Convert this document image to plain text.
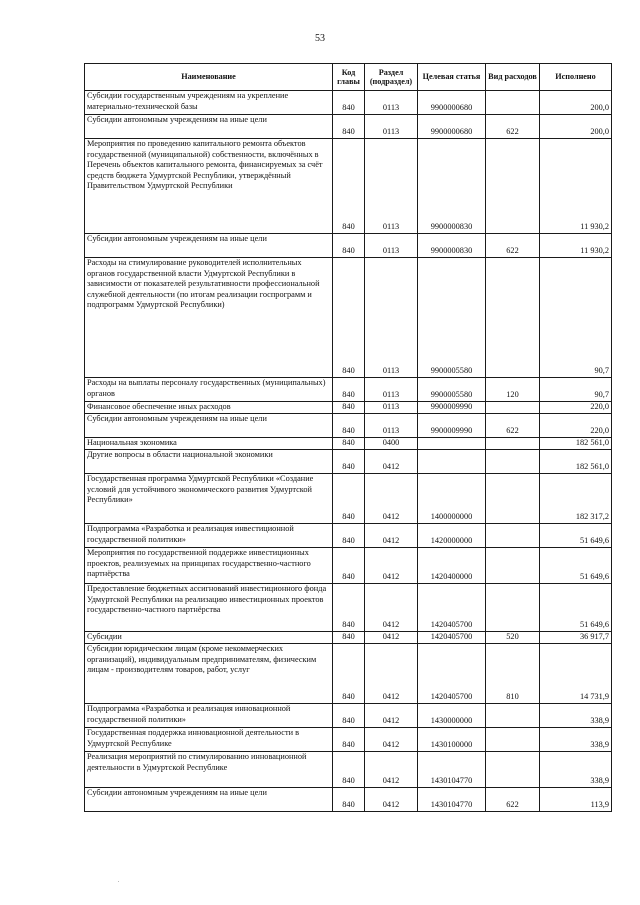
53
Наименование	Код главы	Раздел (подраздел)	Целевая статья	Вид расходов	Исполнено
Субсидии государственным учреждениям на укрепление материально-технической базы	840	0113	9900000680		200,0
Субсидии автономным учреждениям на иные цели	840	0113	9900000680	622	200,0
Мероприятия по проведению капитального ремонта объектов государственной (муниципальной) собственности, включённых в Перечень объектов капитального ремонта, финансируемых за счёт средств бюджета Удмуртской Республики, утверждённый Правительством Удмуртской Республики	840	0113	9900000830		11 930,2
Субсидии автономным учреждениям на иные цели	840	0113	9900000830	622	11 930,2
Расходы на стимулирование руководителей исполнительных органов государственной власти Удмуртской Республики в зависимости от показателей результативности профессиональной служебной деятельности (по итогам реализации госпрограмм и подпрограмм Удмуртской Республики)	840	0113	9900005580		90,7
Расходы на выплаты персоналу государственных (муниципальных) органов	840	0113	9900005580	120	90,7
Финансовое обеспечение иных расходов	840	0113	9900009990		220,0
Субсидии автономным учреждениям на иные цели	840	0113	9900009990	622	220,0
Национальная экономика	840	0400			182 561,0
Другие вопросы в области национальной экономики	840	0412			182 561,0
Государственная программа Удмуртской Республики «Создание условий для устойчивого экономического развития Удмуртской Республики»	840	0412	1400000000		182 317,2
Подпрограмма «Разработка и реализация инвестиционной государственной политики»	840	0412	1420000000		51 649,6
Мероприятия по государственной поддержке инвестиционных проектов, реализуемых на принципах государственно-частного партнёрства	840	0412	1420400000		51 649,6
Предоставление бюджетных ассигнований инвестиционного фонда Удмуртской Республики на реализацию инвестиционных проектов государственно-частного партнёрства	840	0412	1420405700		51 649,6
Субсидии	840	0412	1420405700	520	36 917,7
Субсидии юридическим лицам (кроме некоммерческих организаций), индивидуальным предпринимателям, физическим лицам - производителям товаров, работ, услуг	840	0412	1420405700	810	14 731,9
Подпрограмма «Разработка и реализация инновационной государственной политики»	840	0412	1430000000		338,9
Государственная поддержка инновационной деятельности в Удмуртской Республике	840	0412	1430100000		338,9
Реализация мероприятий по стимулированию инновационной деятельности в Удмуртской Республике	840	0412	1430104770		338,9
Субсидии автономным учреждениям на иные цели	840	0412	1430104770	622	113,9
